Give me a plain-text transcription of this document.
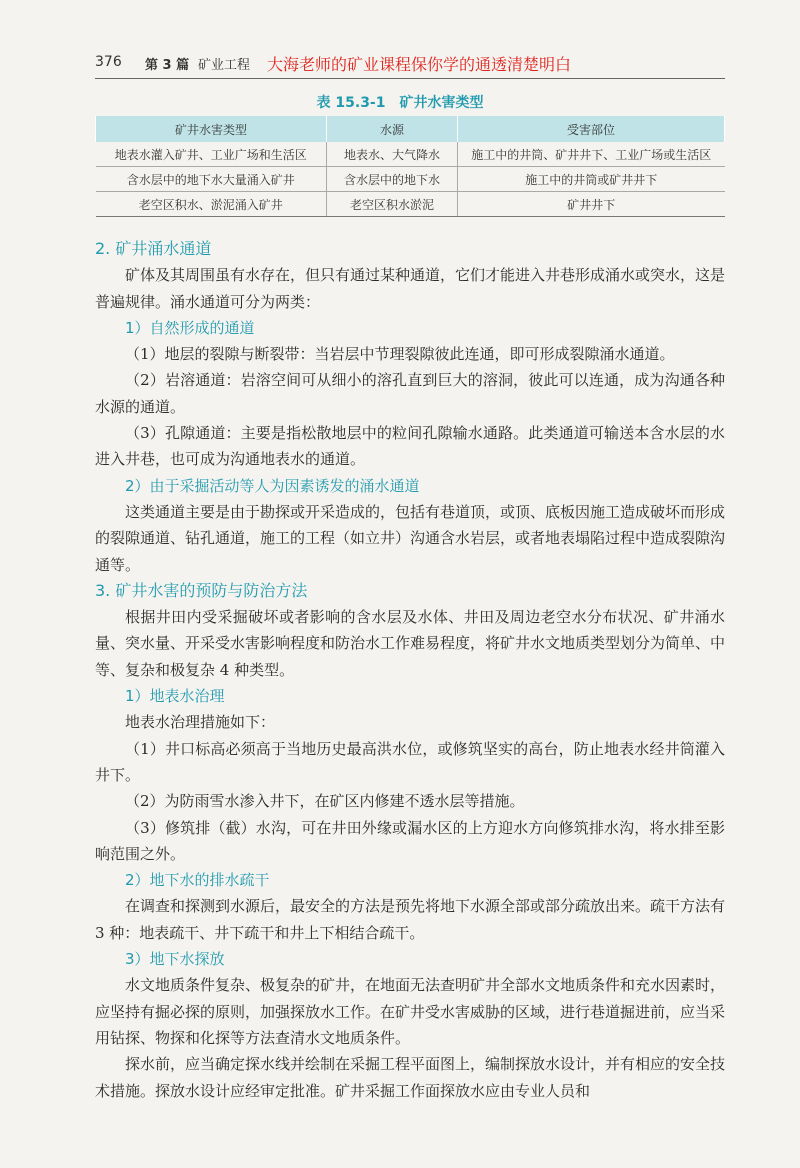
376 第 3 篇 矿业工程 大海老师的矿业课程保你学的通透清楚明白
表 15.3-1　矿井水害类型
矿井水害类型	水源	受害部位
地表水灌入矿井、工业广场和生活区	地表水、大气降水	施工中的井筒、矿井井下、工业广场或生活区
含水层中的地下水大量涌入矿井	含水层中的地下水	施工中的井筒或矿井井下
老空区积水、淤泥涌入矿井	老空区积水淤泥	矿井井下
2. 矿井涌水通道
矿体及其周围虽有水存在，但只有通过某种通道，它们才能进入井巷形成涌水或突水，这是普遍规律。涌水通道可分为两类：
1）自然形成的通道
（1）地层的裂隙与断裂带：当岩层中节理裂隙彼此连通，即可形成裂隙涌水通道。
（2）岩溶通道：岩溶空间可从细小的溶孔直到巨大的溶洞，彼此可以连通，成为沟通各种水源的通道。
（3）孔隙通道：主要是指松散地层中的粒间孔隙输水通路。此类通道可输送本含水层的水进入井巷，也可成为沟通地表水的通道。
2）由于采掘活动等人为因素诱发的涌水通道
这类通道主要是由于勘探或开采造成的，包括有巷道顶，或顶、底板因施工造成破坏而形成的裂隙通道、钻孔通道，施工的工程（如立井）沟通含水岩层，或者地表塌陷过程中造成裂隙沟通等。
3. 矿井水害的预防与防治方法
根据井田内受采掘破坏或者影响的含水层及水体、井田及周边老空水分布状况、矿井涌水量、突水量、开采受水害影响程度和防治水工作难易程度，将矿井水文地质类型划分为简单、中等、复杂和极复杂 4 种类型。
1）地表水治理
地表水治理措施如下：
（1）井口标高必须高于当地历史最高洪水位，或修筑坚实的高台，防止地表水经井筒灌入井下。
（2）为防雨雪水渗入井下，在矿区内修建不透水层等措施。
（3）修筑排（截）水沟，可在井田外缘或漏水区的上方迎水方向修筑排水沟，将水排至影响范围之外。
2）地下水的排水疏干
在调查和探测到水源后，最安全的方法是预先将地下水源全部或部分疏放出来。疏干方法有 3 种：地表疏干、井下疏干和井上下相结合疏干。
3）地下水探放
水文地质条件复杂、极复杂的矿井，在地面无法查明矿井全部水文地质条件和充水因素时，应坚持有掘必探的原则，加强探放水工作。在矿井受水害威胁的区域，进行巷道掘进前，应当采用钻探、物探和化探等方法查清水文地质条件。
探水前，应当确定探水线并绘制在采掘工程平面图上，编制探放水设计，并有相应的安全技术措施。探放水设计应经审定批准。矿井采掘工作面探放水应由专业人员和
